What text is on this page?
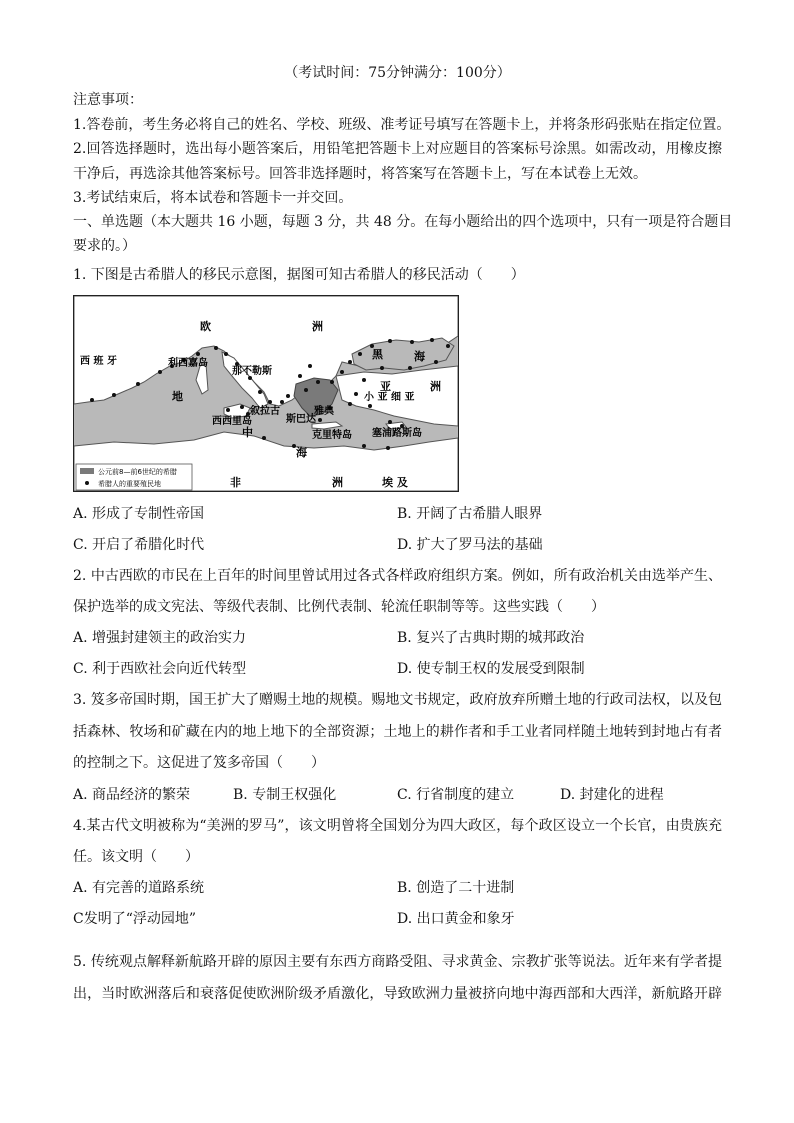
（考试时间：75分钟满分：100分）
注意事项：
1.答卷前，考生务必将自己的姓名、学校、班级、准考证号填写在答题卡上，并将条形码张贴在指定位置。
2.回答选择题时，选出每小题答案后，用铅笔把答题卡上对应题目的答案标号涂黑。如需改动，用橡皮擦
干净后，再选涂其他答案标号。回答非选择题时，将答案写在答题卡上，写在本试卷上无效。
3.考试结束后，将本试卷和答题卡一并交回。
一、单选题（本大题共 16 小题，每题 3 分，共 48 分。在每小题给出的四个选项中，只有一项是符合题目
要求的。）
1. 下图是古希腊人的移民示意图，据图可知古希腊人的移民活动（　　）
欧	洲
西 班 牙	利西嘉岛
那不勒斯
黑	海
亚	洲
小 亚 细 亚
叙拉古
西西里岛	斯巴达
雅典
克里特岛 塞浦路斯岛
地
中
海
非	洲	埃 及
公元前8—前6世纪的希腊
希腊人的重要殖民地
A. 形成了专制性帝国	B. 开阔了古希腊人眼界
C. 开启了希腊化时代	D. 扩大了罗马法的基础
2. 中古西欧的市民在上百年的时间里曾试用过各式各样政府组织方案。例如，所有政治机关由选举产生、
保护选举的成文宪法、等级代表制、比例代表制、轮流任职制等等。这些实践（　　）
A. 增强封建领主的政治实力	B. 复兴了古典时期的城邦政治
C. 利于西欧社会向近代转型	D. 使专制王权的发展受到限制
3. 笈多帝国时期，国王扩大了赠赐土地的规模。赐地文书规定，政府放弃所赠土地的行政司法权，以及包
括森林、牧场和矿藏在内的地上地下的全部资源；土地上的耕作者和手工业者同样随土地转到封地占有者
的控制之下。这促进了笈多帝国（　　）
A. 商品经济的繁荣	B. 专制王权强化	C. 行省制度的建立	D. 封建化的进程
4.某古代文明被称为“美洲的罗马”，该文明曾将全国划分为四大政区，每个政区设立一个长官，由贵族充
任。该文明（　　）
A. 有完善的道路系统	B. 创造了二十进制
C发明了“浮动园地”	D. 出口黄金和象牙
5. 传统观点解释新航路开辟的原因主要有东西方商路受阻、寻求黄金、宗教扩张等说法。近年来有学者提
出，当时欧洲落后和衰落促使欧洲阶级矛盾激化，导致欧洲力量被挤向地中海西部和大西洋，新航路开辟
